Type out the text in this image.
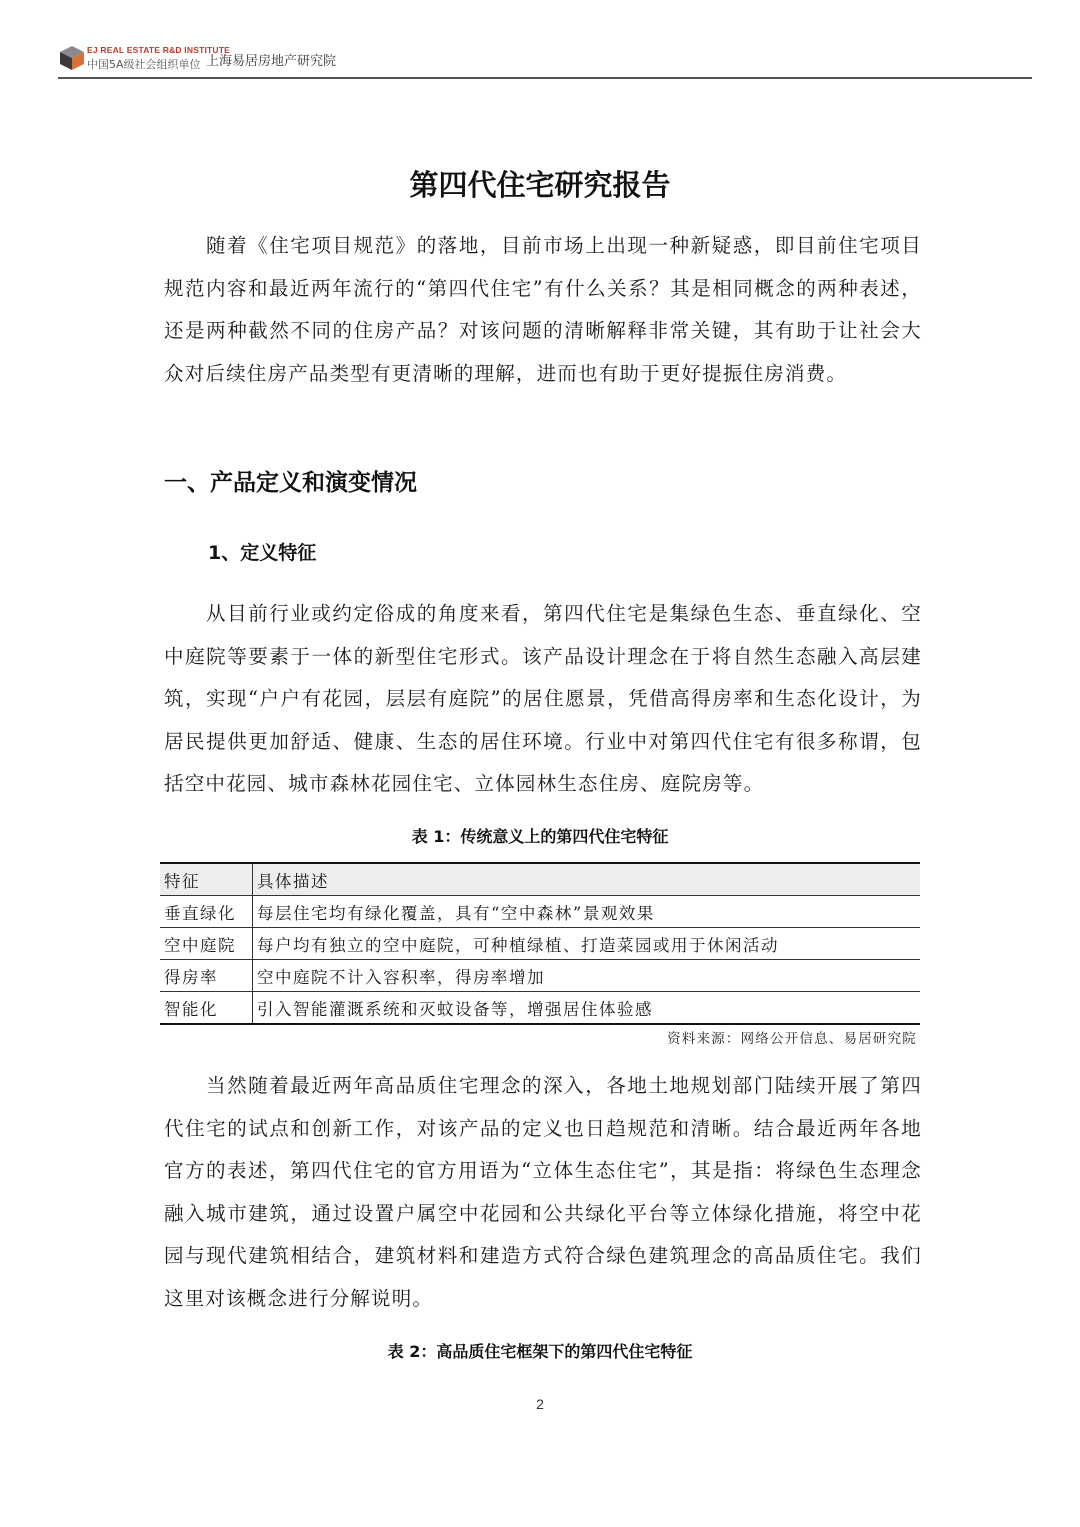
EJ REAL ESTATE R&D INSTITUTE
中国5A级社会组织单位 上海易居房地产研究院
第四代住宅研究报告

随着《住宅项目规范》的落地，目前市场上出现一种新疑惑，即目前住宅项目规范内容和最近两年流行的“第四代住宅”有什么关系？其是相同概念的两种表述，还是两种截然不同的住房产品？对该问题的清晰解释非常关键，其有助于让社会大众对后续住房产品类型有更清晰的理解，进而也有助于更好提振住房消费。

一、产品定义和演变情况
1、定义特征

从目前行业或约定俗成的角度来看，第四代住宅是集绿色生态、垂直绿化、空中庭院等要素于一体的新型住宅形式。该产品设计理念在于将自然生态融入高层建筑，实现“户户有花园，层层有庭院”的居住愿景，凭借高得房率和生态化设计，为居民提供更加舒适、健康、生态的居住环境。行业中对第四代住宅有很多称谓，包括空中花园、城市森林花园住宅、立体园林生态住房、庭院房等。

表 1：传统意义上的第四代住宅特征

特征	具体描述
垂直绿化	每层住宅均有绿化覆盖，具有“空中森林”景观效果
空中庭院	每户均有独立的空中庭院，可种植绿植、打造菜园或用于休闲活动
得房率	空中庭院不计入容积率，得房率增加
智能化	引入智能灌溉系统和灭蚊设备等，增强居住体验感

资料来源：网络公开信息、易居研究院

当然随着最近两年高品质住宅理念的深入，各地土地规划部门陆续开展了第四代住宅的试点和创新工作，对该产品的定义也日趋规范和清晰。结合最近两年各地官方的表述，第四代住宅的官方用语为“立体生态住宅”，其是指：将绿色生态理念融入城市建筑，通过设置户属空中花园和公共绿化平台等立体绿化措施，将空中花园与现代建筑相结合，建筑材料和建造方式符合绿色建筑理念的高品质住宅。我们这里对该概念进行分解说明。

表 2：高品质住宅框架下的第四代住宅特征

2
